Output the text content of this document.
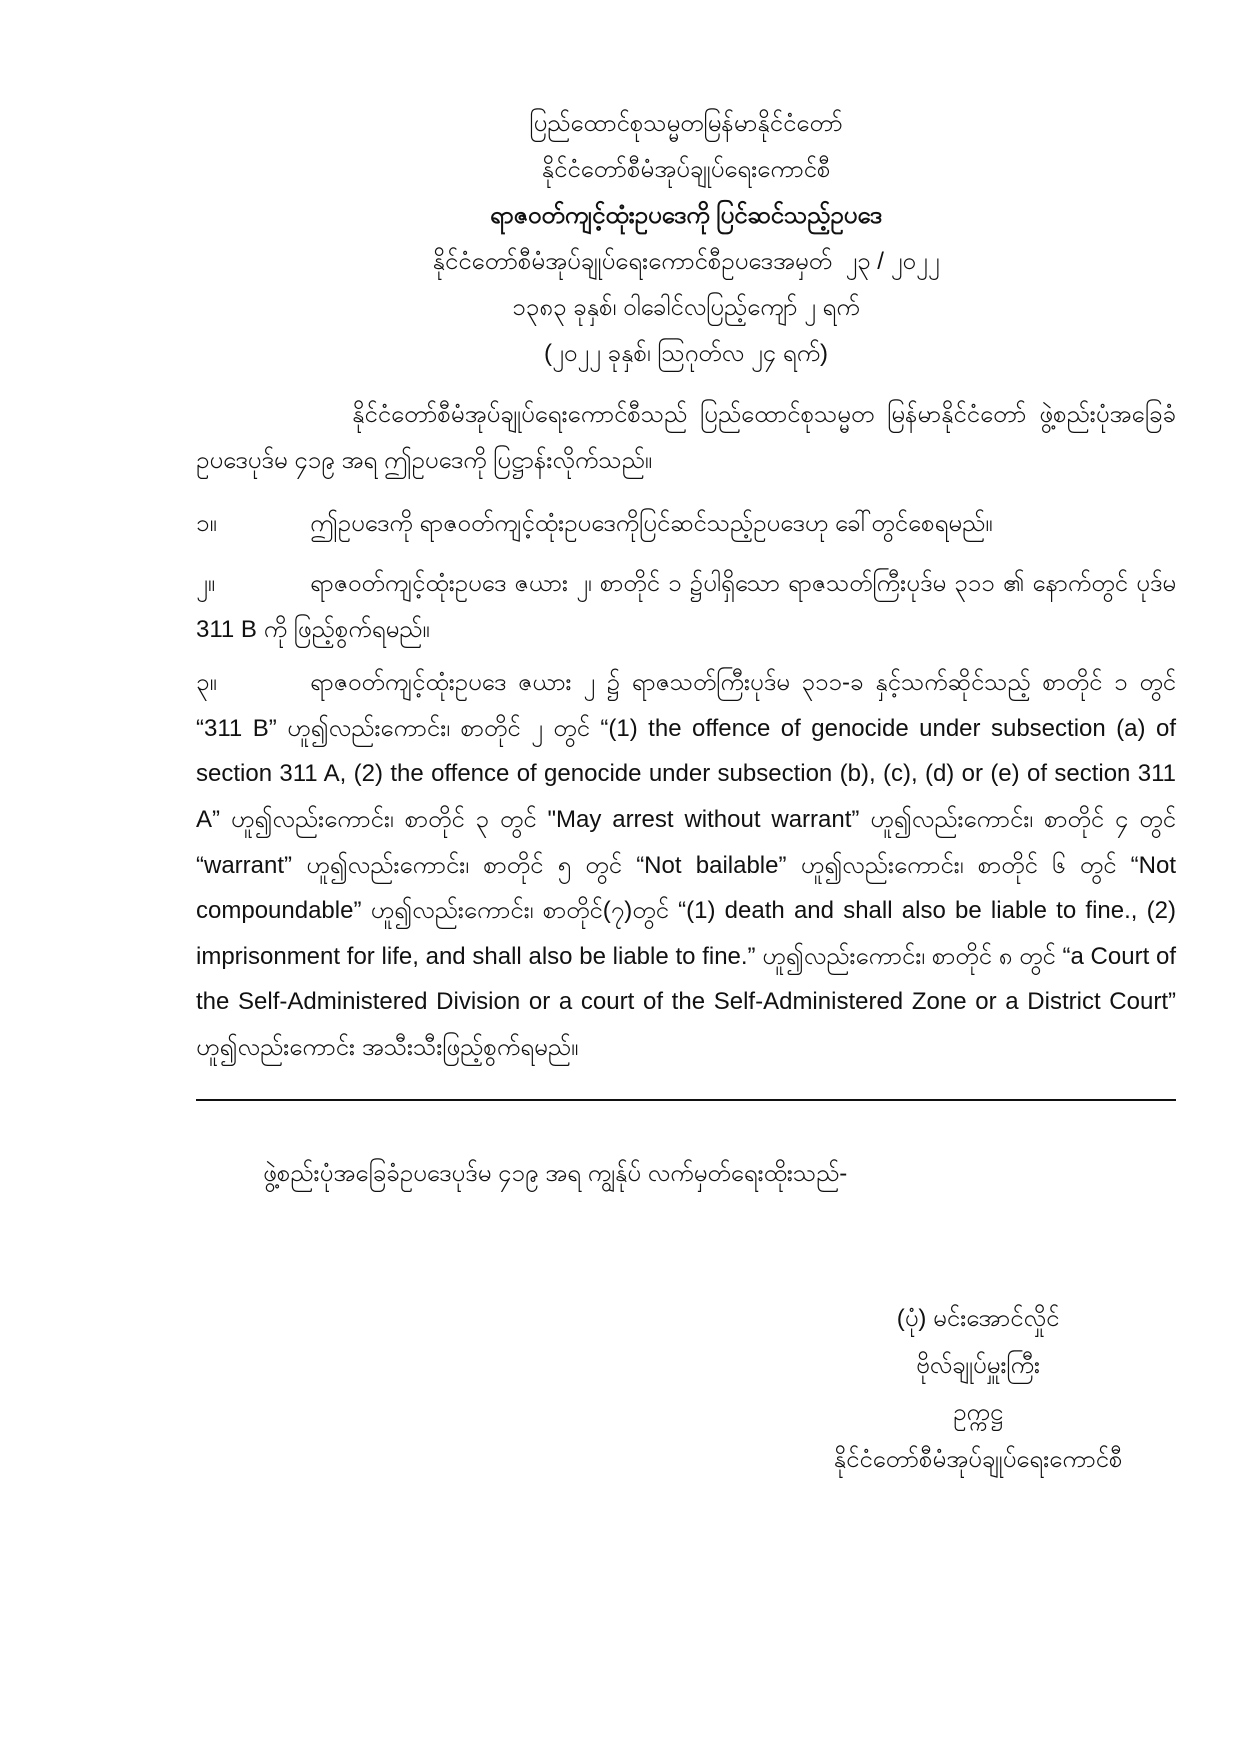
ပြည်ထောင်စုသမ္မတမြန်မာနိုင်ငံတော်
နိုင်ငံတော်စီမံအုပ်ချုပ်ရေးကောင်စီ
ရာဇဝတ်ကျင့်ထုံးဥပဒေကို ပြင်ဆင်သည့်ဥပဒေ
နိုင်ငံတော်စီမံအုပ်ချုပ်ရေးကောင်စီဥပဒေအမှတ်  ၂၃ / ၂၀၂၂
၁၃၈၃ ခုနှစ်၊ ဝါခေါင်လပြည့်ကျော် ၂ ရက်
(၂၀၂၂ ခုနှစ်၊ ဩဂုတ်လ ၂၄ ရက်)

နိုင်ငံတော်စီမံအုပ်ချုပ်ရေးကောင်စီသည် ပြည်ထောင်စုသမ္မတ မြန်မာနိုင်ငံတော် ဖွဲ့စည်းပုံအခြေခံဥပဒေပုဒ်မ ၄၁၉ အရ ဤဥပဒေကို ပြဋ္ဌာန်းလိုက်သည်။

၁။	ဤဥပဒေကို ရာဇဝတ်ကျင့်ထုံးဥပဒေကိုပြင်ဆင်သည့်ဥပဒေဟု ခေါ်တွင်စေရမည်။

၂။	ရာဇဝတ်ကျင့်ထုံးဥပဒေ ဇယား ၂၊ စာတိုင် ၁ ၌ပါရှိသော ရာဇသတ်ကြီးပုဒ်မ ၃၁၁ ၏ နောက်တွင် ပုဒ်မ 311 B ကို ဖြည့်စွက်ရမည်။

၃။	ရာဇဝတ်ကျင့်ထုံးဥပဒေ ဇယား ၂ ၌ ရာဇသတ်ကြီးပုဒ်မ ၃၁၁-ခ နှင့်သက်ဆိုင်သည့် စာတိုင် ၁ တွင် “311 B” ဟူ၍လည်းကောင်း၊ စာတိုင် ၂ တွင် “(1) the offence of genocide under subsection (a) of section 311 A, (2) the offence of genocide under subsection (b), (c), (d) or (e) of section 311 A” ဟူ၍လည်းကောင်း၊ စာတိုင် ၃ တွင် "May arrest without warrant” ဟူ၍လည်းကောင်း၊ စာတိုင် ၄ တွင် “warrant” ဟူ၍လည်းကောင်း၊ စာတိုင် ၅ တွင် “Not bailable” ဟူ၍လည်းကောင်း၊ စာတိုင် ၆ တွင် “Not compoundable” ဟူ၍လည်းကောင်း၊ စာတိုင်(၇)တွင် “(1) death and shall also be liable to fine., (2) imprisonment for life, and shall also be liable to fine.” ဟူ၍လည်းကောင်း၊ စာတိုင် ၈ တွင် “a Court of the Self-Administered Division or a court of the Self-Administered Zone or a District Court” ဟူ၍လည်းကောင်း အသီးသီးဖြည့်စွက်ရမည်။

ဖွဲ့စည်းပုံအခြေခံဥပဒေပုဒ်မ ၄၁၉ အရ ကျွန်ုပ် လက်မှတ်ရေးထိုးသည်-

(ပုံ) မင်းအောင်လှိုင်
ဗိုလ်ချုပ်မှူးကြီး
ဥက္ကဋ္ဌ
နိုင်ငံတော်စီမံအုပ်ချုပ်ရေးကောင်စီ
